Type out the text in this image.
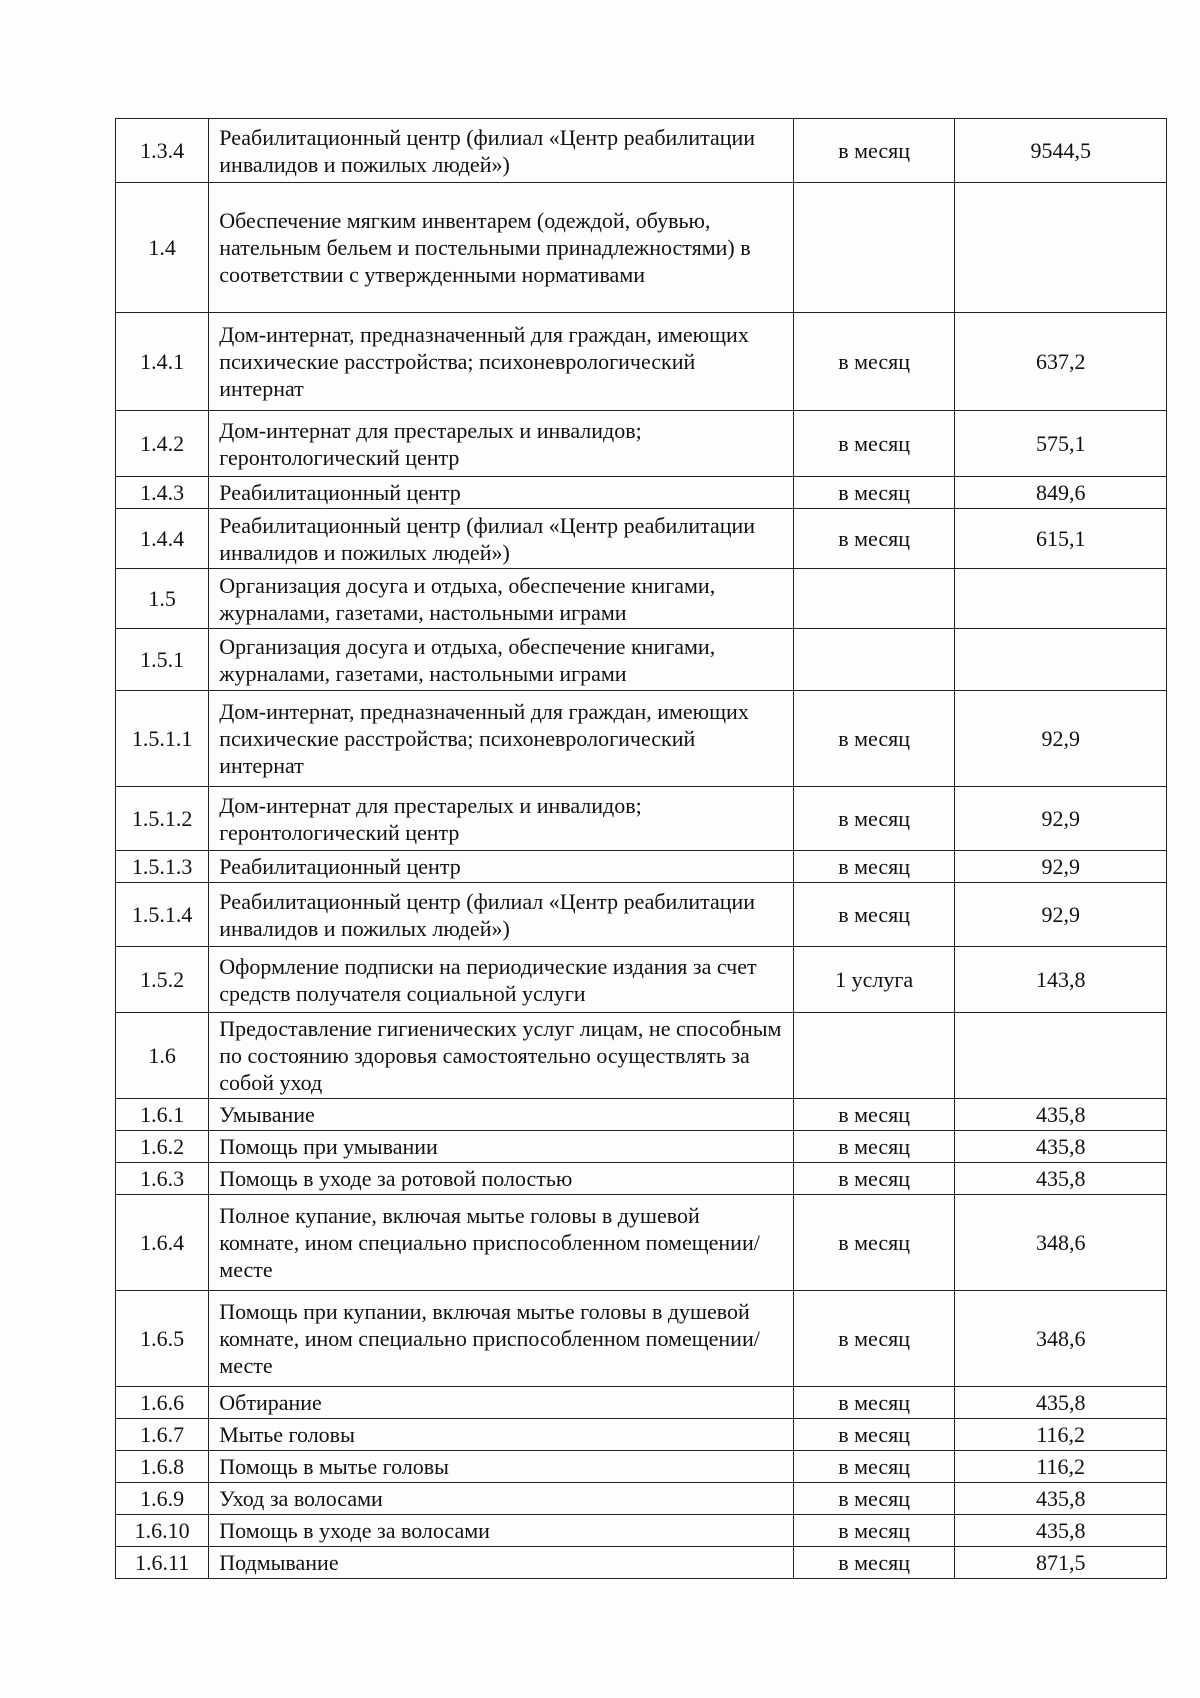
1.3.4	Реабилитационный центр (филиал «Центр реабилитации инвалидов и пожилых людей»)	в месяц	9544,5
1.4	Обеспечение мягким инвентарем (одеждой, обувью, нательным бельем и постельными принадлежностями) в соответствии с утвержденными нормативами		

1.4.1	Дом-интернат, предназначенный для граждан, имеющих психические расстройства; психоневрологический интернат	в месяц	637,2
1.4.2	Дом-интернат для престарелых и инвалидов; геронтологический центр	в месяц	575,1
1.4.3	Реабилитационный центр	в месяц	849,6
1.4.4	Реабилитационный центр (филиал «Центр реабилитации инвалидов и пожилых людей»)	в месяц	615,1
1.5	Организация досуга и отдыха, обеспечение книгами, журналами, газетами, настольными играми		

1.5.1	Организация досуга и отдыха, обеспечение книгами, журналами, газетами, настольными играми		

1.5.1.1	Дом-интернат, предназначенный для граждан, имеющих психические расстройства; психоневрологический интернат	в месяц	92,9
1.5.1.2	Дом-интернат для престарелых и инвалидов; геронтологический центр	в месяц	92,9
1.5.1.3	Реабилитационный центр	в месяц	92,9
1.5.1.4	Реабилитационный центр (филиал «Центр реабилитации инвалидов и пожилых людей»)	в месяц	92,9
1.5.2	Оформление подписки на периодические издания за счет средств получателя социальной услуги	1 услуга	143,8
1.6	Предоставление гигиенических услуг лицам, не способным по состоянию здоровья самостоятельно осуществлять за собой уход		

1.6.1	Умывание	в месяц	435,8
1.6.2	Помощь при умывании	в месяц	435,8
1.6.3	Помощь в уходе за ротовой полостью	в месяц	435,8
1.6.4	Полное купание, включая мытье головы в душевой комнате, ином специально приспособленном помещении/месте	в месяц	348,6
1.6.5	Помощь при купании, включая мытье головы в душевой комнате, ином специально приспособленном помещении/месте	в месяц	348,6
1.6.6	Обтирание	в месяц	435,8
1.6.7	Мытье головы	в месяц	116,2
1.6.8	Помощь в мытье головы	в месяц	116,2
1.6.9	Уход за волосами	в месяц	435,8
1.6.10	Помощь в уходе за волосами	в месяц	435,8
1.6.11	Подмывание	в месяц	871,5
